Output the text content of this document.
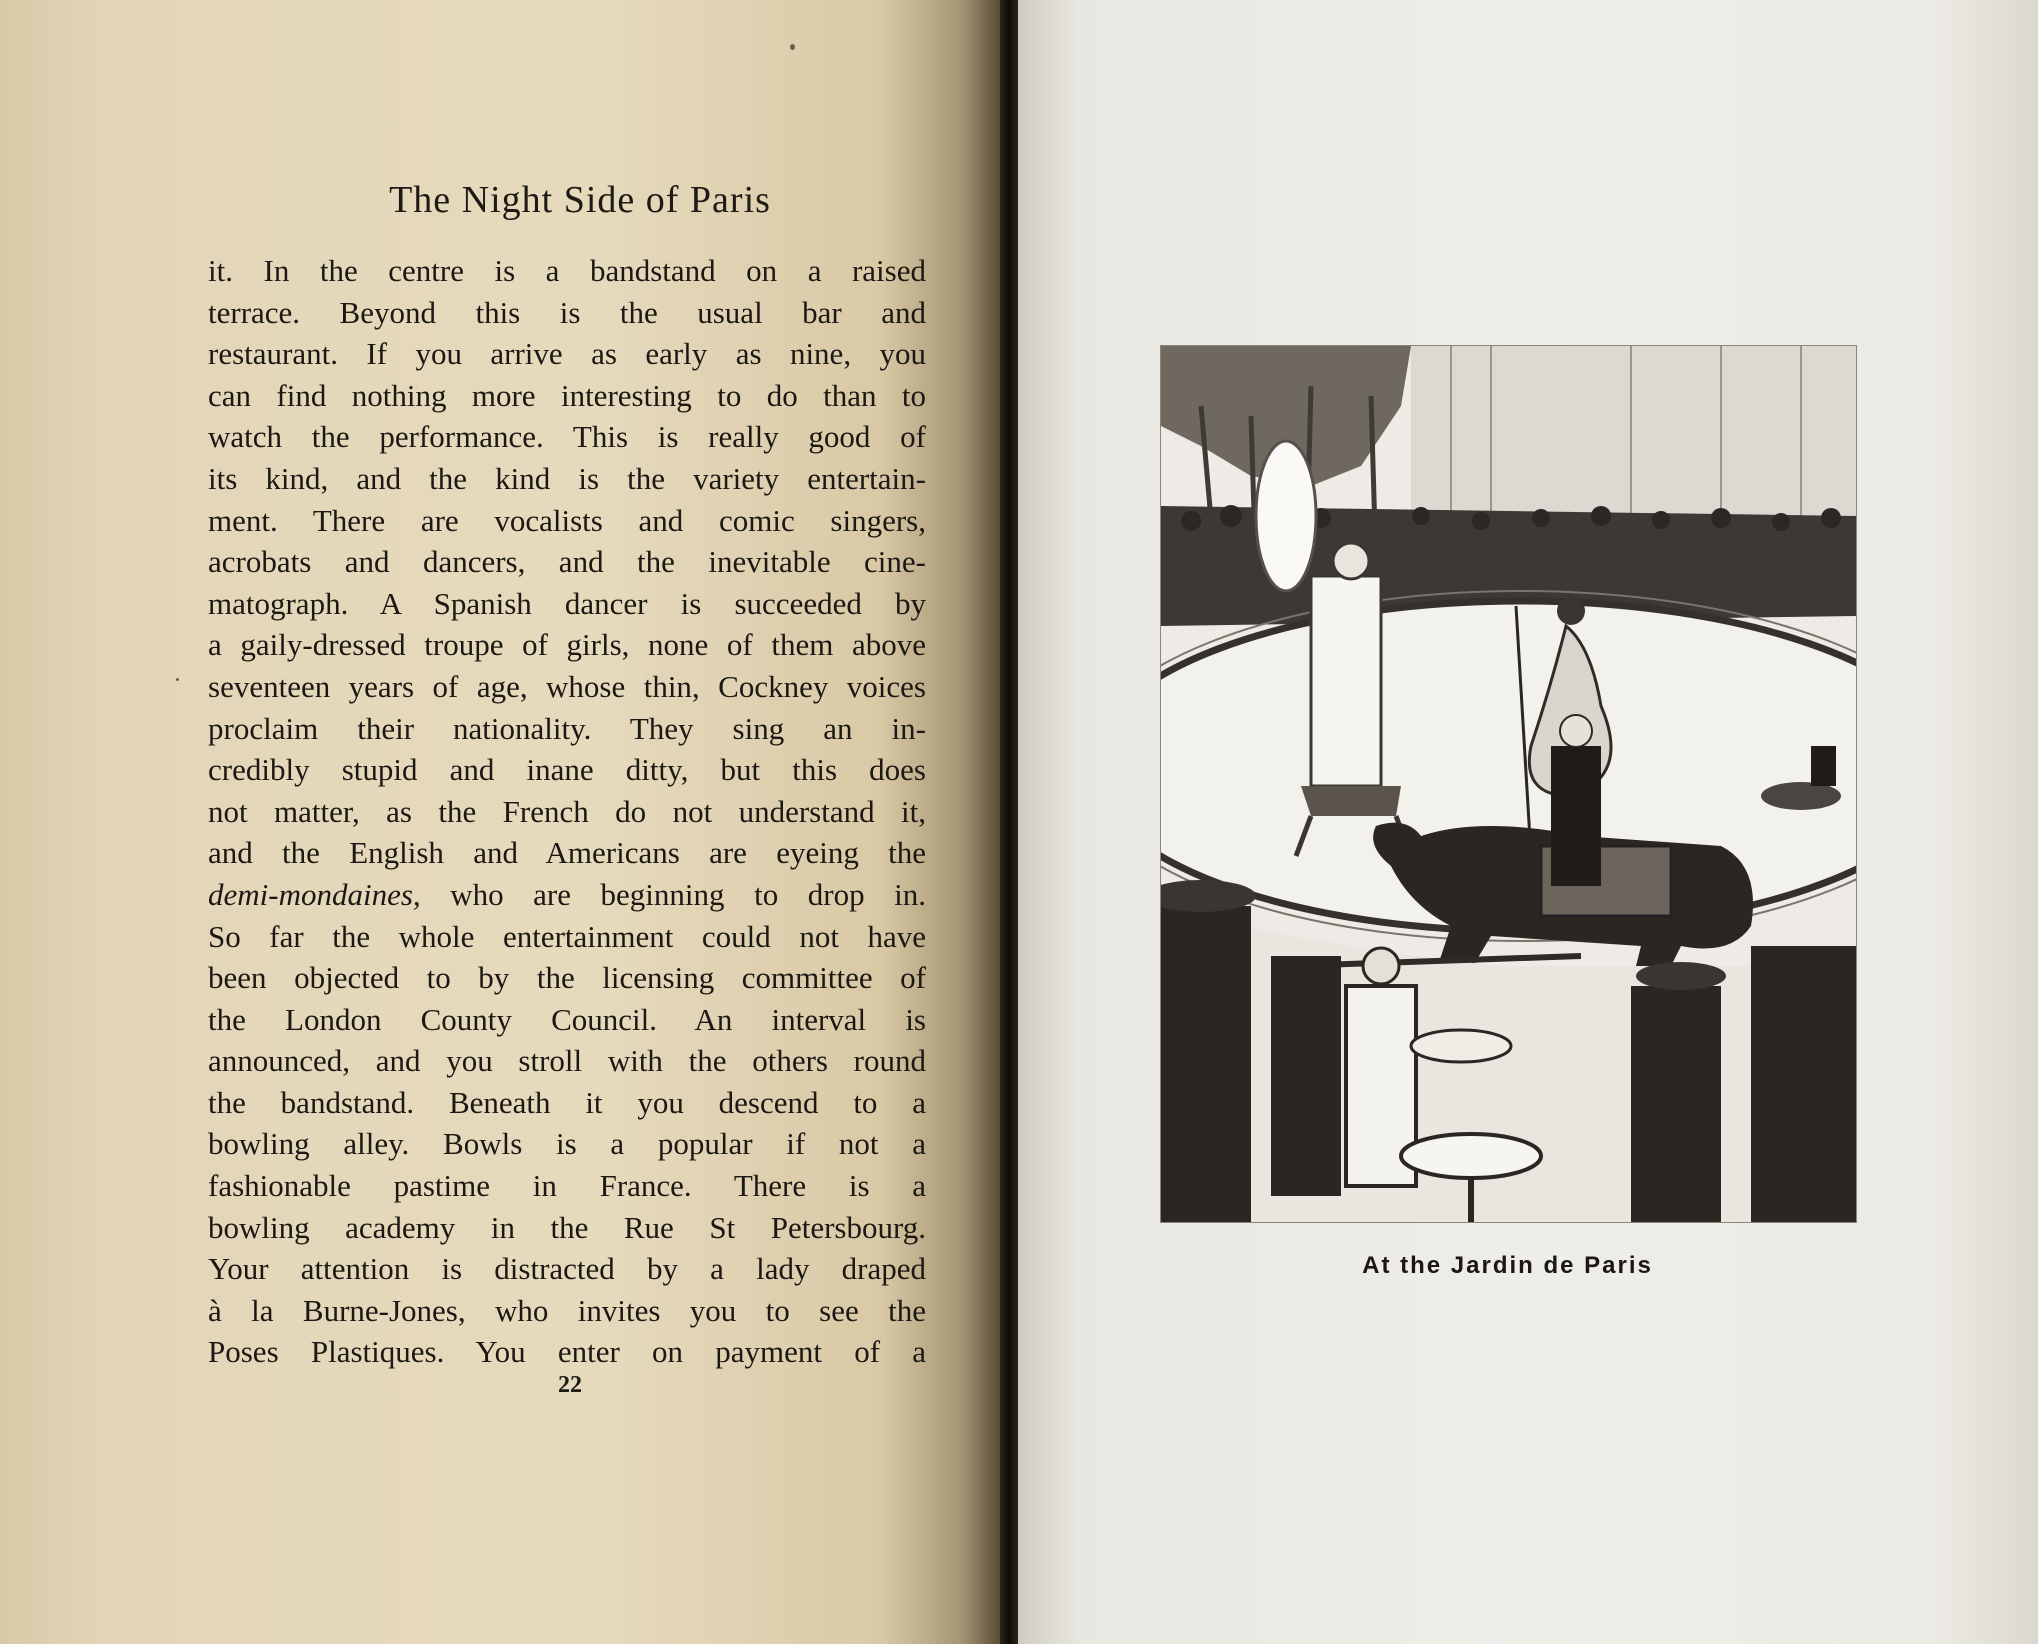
The Night Side of Paris
it. In the centre is a bandstand on a raised
terrace. Beyond this is the usual bar and
restaurant. If you arrive as early as nine, you
can find nothing more interesting to do than to
watch the performance. This is really good of
its kind, and the kind is the variety entertain-
ment. There are vocalists and comic singers,
acrobats and dancers, and the inevitable cine-
matograph. A Spanish dancer is succeeded by
a gaily-dressed troupe of girls, none of them above
seventeen years of age, whose thin, Cockney voices
proclaim their nationality. They sing an in-
credibly stupid and inane ditty, but this does
not matter, as the French do not understand it,
and the English and Americans are eyeing the
demi-mondaines, who are beginning to drop in.
So far the whole entertainment could not have
been objected to by the licensing committee of
the London County Council. An interval is
announced, and you stroll with the others round
the bandstand. Beneath it you descend to a
bowling alley. Bowls is a popular if not a
fashionable pastime in France. There is a
bowling academy in the Rue St Petersbourg.
Your attention is distracted by a lady draped
à la Burne-Jones, who invites you to see the
Poses Plastiques. You enter on payment of a
22
At the Jardin de Paris
